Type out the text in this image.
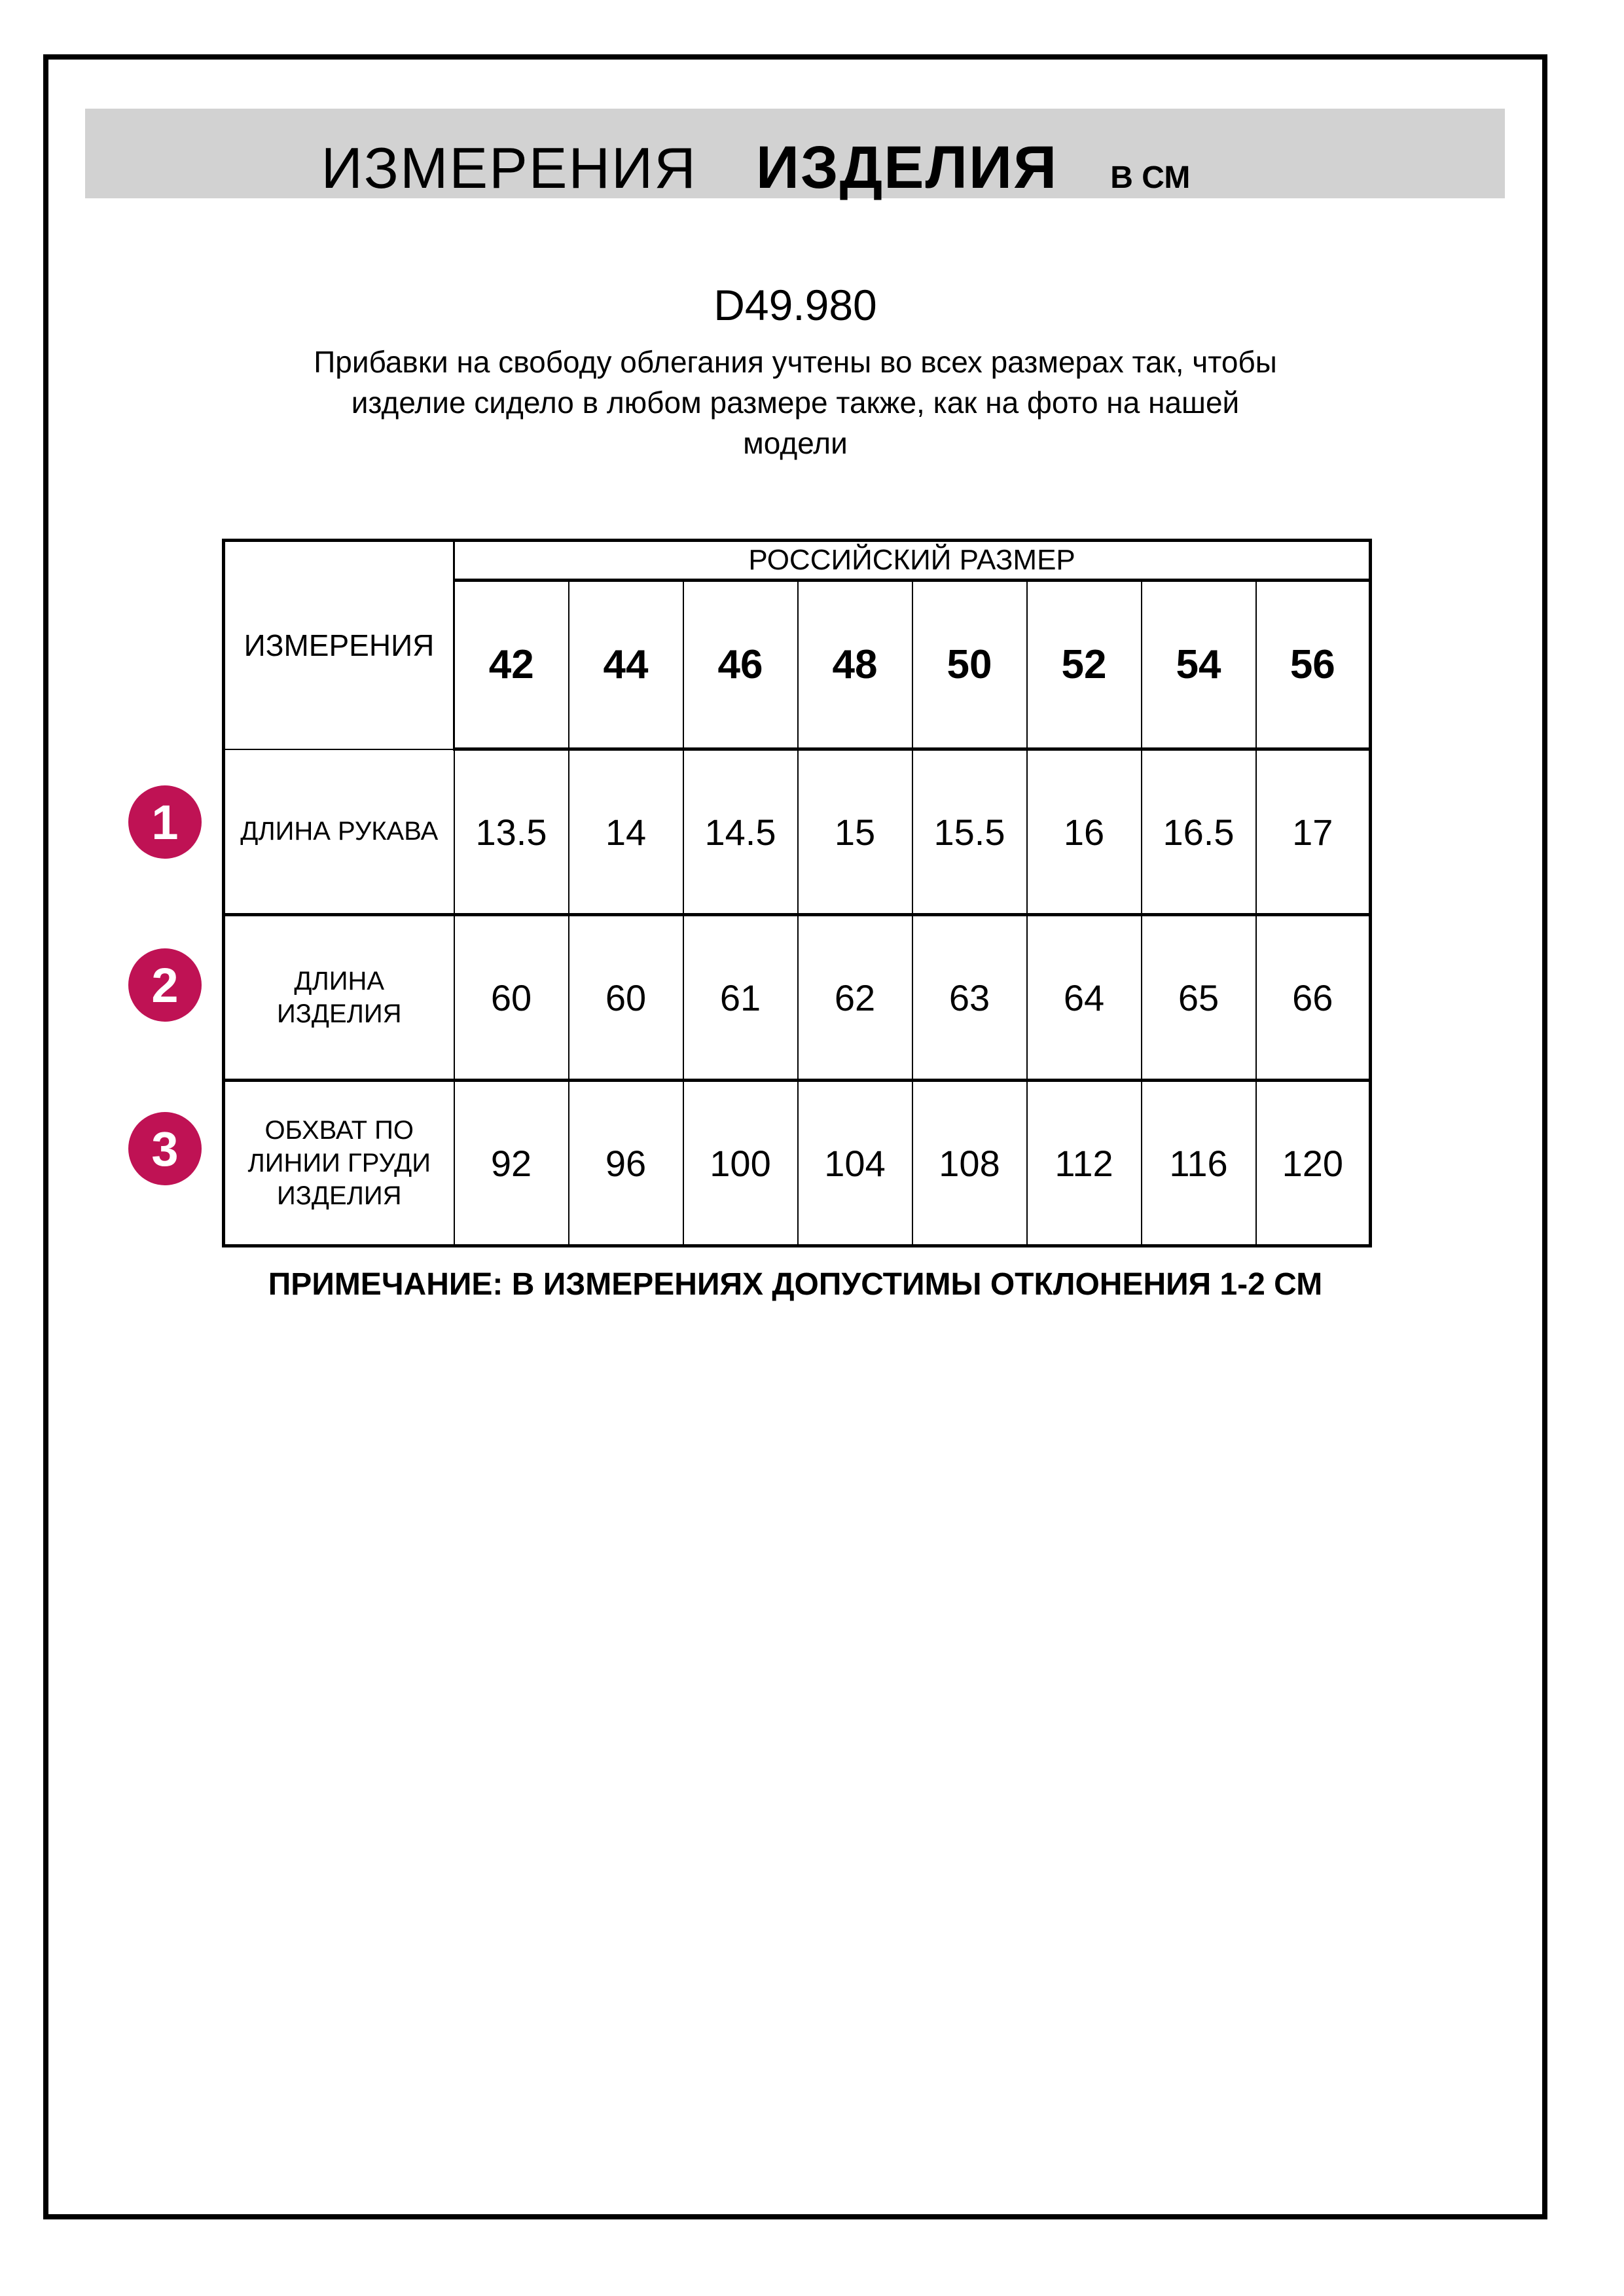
ИЗМЕРЕНИЯ ИЗДЕЛИЯ В СМ
D49.980
Прибавки на свободу облегания учтены во всех размерах так, чтобы
изделие сидело в любом размере также, как на фото на нашей
модели
ИЗМЕРЕНИЯ	РОССИЙСКИЙ РАЗМЕР							
	42	44	46	48	50	52	54	56

ДЛИНА РУКАВА	13.5	14	14.5	15	15.5	16	16.5	17

ДЛИНА
ИЗДЕЛИЯ	60	60	61	62	63	64	65	66

ОБХВАТ ПО
ЛИНИИ ГРУДИ
ИЗДЕЛИЯ	92	96	100	104	108	112	116	120
1
2
3
ПРИМЕЧАНИЕ: В ИЗМЕРЕНИЯХ ДОПУСТИМЫ ОТКЛОНЕНИЯ 1-2 СМ
